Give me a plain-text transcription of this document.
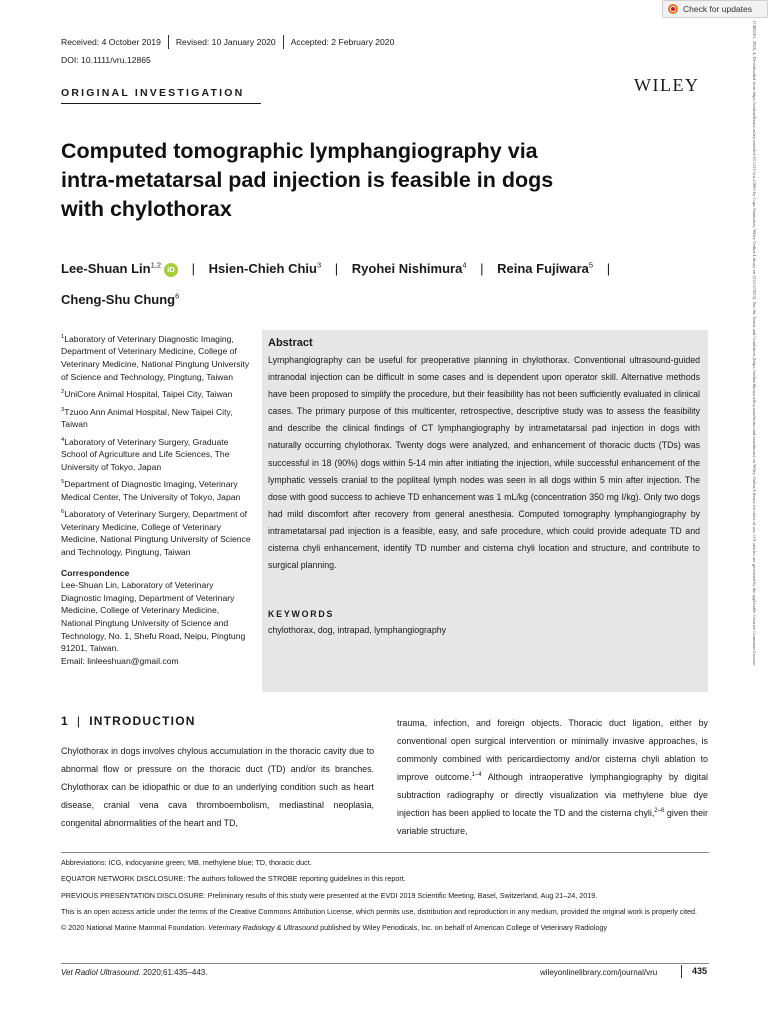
Received: 4 October 2019 Revised: 10 January 2020 Accepted: 2 February 2020
DOI: 10.1111/vru.12865
ORIGINAL INVESTIGATION	WILEY
Check for updates
Computed tomographic lymphangiography via intra-metatarsal pad injection is feasible in dogs with chylothorax
Lee-Shuan Lin$^{1,2}$ iD | Hsien-Chieh Chiu$^3$ | Ryohei Nishimura$^4$ | Reina Fujiwara$^5$ |
Cheng-Shu Chung$^6$
$^1$Laboratory of Veterinary Diagnostic Imaging, Department of Veterinary Medicine, College of Veterinary Medicine, National Pingtung University of Science and Technology, Pingtung, Taiwan
$^2$UniCore Animal Hospital, Taipei City, Taiwan
$^3$Tzuoo Ann Animal Hospital, New Taipei City, Taiwan
$^4$Laboratory of Veterinary Surgery, Graduate School of Agriculture and Life Sciences, The University of Tokyo, Japan
$^5$Department of Diagnostic Imaging, Veterinary Medical Center, The University of Tokyo, Japan
$^6$Laboratory of Veterinary Surgery, Department of Veterinary Medicine, College of Veterinary Medicine, National Pingtung University of Science and Technology, Pingtung, Taiwan
Correspondence
Lee-Shuan Lin, Laboratory of Veterinary Diagnostic Imaging, Department of Veterinary Medicine, College of Veterinary Medicine, National Pingtung University of Science and Technology, No. 1, Shefu Road, Neipu, Pingtung 91201, Taiwan.
Email: linleeshuan@gmail.com
Abstract
Lymphangiography can be useful for preoperative planning in chylothorax. Conventional ultrasound-guided intranodal injection can be difficult in some cases and is dependent upon operator skill. Alternative methods have been proposed to simplify the procedure, but their feasibility has not been sufficiently evaluated in clinical cases. The primary purpose of this multicenter, retrospective, descriptive study was to assess the feasibility and describe the clinical findings of CT lymphangiography by intrametatarsal pad injection in dogs with naturally occurring chylothorax. Twenty dogs were analyzed, and enhancement of thoracic ducts (TDs) was successful in 18 (90%) dogs within 5-14 min after initiating the injection, while successful enhancement of the lymphatic vessels cranial to the popliteal lymph nodes was seen in all dogs within 5 min after injection. The dose with good success to achieve TD enhancement was 1 mL/kg (concentration 350 mg I/kg). Only two dogs had mild discomfort after recovery from general anesthesia. Computed tomography lymphangiography by intrametatarsal pad injection is a feasible, easy, and safe procedure, which could provide adequate TD and cisterna chyli enhancement, identify TD number and cisterna chyli location and structure, and contribute to surgical planning.
KEYWORDS
chylothorax, dog, intrapad, lymphangiography
1 | INTRODUCTION
Chylothorax in dogs involves chylous accumulation in the thoracic cavity due to abnormal flow or pressure on the thoracic duct (TD) and/or its branches. Chylothorax can be idiopathic or due to an underlying condition such as heart disease, cranial vena cava thromboembolism, mediastinal neoplasia, congenital abnormalities of the heart and TD,
trauma, infection, and foreign objects. Thoracic duct ligation, either by conventional open surgical intervention or minimally invasive approaches, is commonly combined with pericardiectomy and/or cisterna chyli ablation to improve outcome.$^{1-4}$ Although intraoperative lymphangiography by digital subtraction radiography or directly visualization via methylene blue dye injection has been applied to locate the TD and the cisterna chyli,$^{2-6}$ given their variable structure,
Abbreviations: ICG, indocyanine green; MB, methylene blue; TD, thoracic duct.
EQUATOR NETWORK DISCLOSURE: The authors followed the STROBE reporting guidelines in this report.
PREVIOUS PRESENTATION DISCLOSURE: Preliminary results of this study were presented at the EVDI 2019 Scientific Meeting, Basel, Switzerland, Aug 21–24, 2019.
This is an open access article under the terms of the Creative Commons Attribution License, which permits use, distribution and reproduction in any medium, provided the original work is properly cited.
© 2020 National Marine Mammal Foundation. Veterinary Radiology & Ultrasound published by Wiley Periodicals, Inc. on behalf of American College of Veterinary Radiology
Vet Radiol Ultrasound. 2020;61:435–443.	wileyonlinelibrary.com/journal/vru	435
17408261, 2020, 4, Downloaded from https://onlinelibrary.wiley.com/doi/10.1111/vru.12865 by Cape Sanitation, Wiley Online Library on [23/11/2022]. See the Terms and Conditions (https://onlinelibrary.wiley.com/terms-and-conditions) on Wiley Online Library for rules of use; OA articles are governed by the applicable Creative Commons License
